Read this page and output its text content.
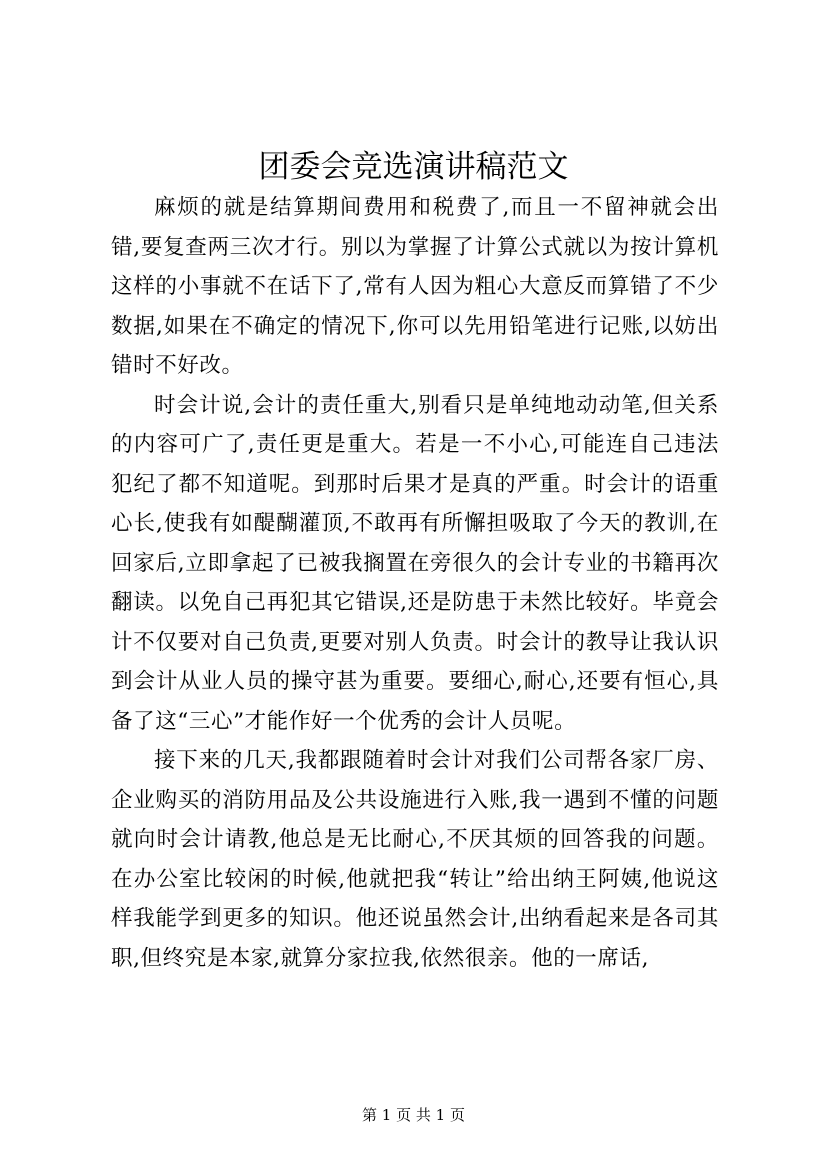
团委会竞选演讲稿范文

麻烦的就是结算期间费用和税费了,而且一不留神就会出错,要复查两三次才行。别以为掌握了计算公式就以为按计算机这样的小事就不在话下了,常有人因为粗心大意反而算错了不少数据,如果在不确定的情况下,你可以先用铅笔进行记账,以妨出错时不好改。

时会计说,会计的责任重大,别看只是单纯地动动笔,但关系的内容可广了,责任更是重大。若是一不小心,可能连自己违法犯纪了都不知道呢。到那时后果才是真的严重。时会计的语重心长,使我有如醍醐灌顶,不敢再有所懈担吸取了今天的教训,在回家后,立即拿起了已被我搁置在旁很久的会计专业的书籍再次翻读。以免自己再犯其它错误,还是防患于未然比较好。毕竟会计不仅要对自己负责,更要对别人负责。时会计的教导让我认识到会计从业人员的操守甚为重要。要细心,耐心,还要有恒心,具备了这“三心”才能作好一个优秀的会计人员呢。

接下来的几天,我都跟随着时会计对我们公司帮各家厂房、企业购买的消防用品及公共设施进行入账,我一遇到不懂的问题就向时会计请教,他总是无比耐心,不厌其烦的回答我的问题。在办公室比较闲的时候,他就把我“转让”给出纳王阿姨,他说这样我能学到更多的知识。他还说虽然会计,出纳看起来是各司其职,但终究是本家,就算分家拉我,依然很亲。他的一席话,

第 1 页 共 1 页
